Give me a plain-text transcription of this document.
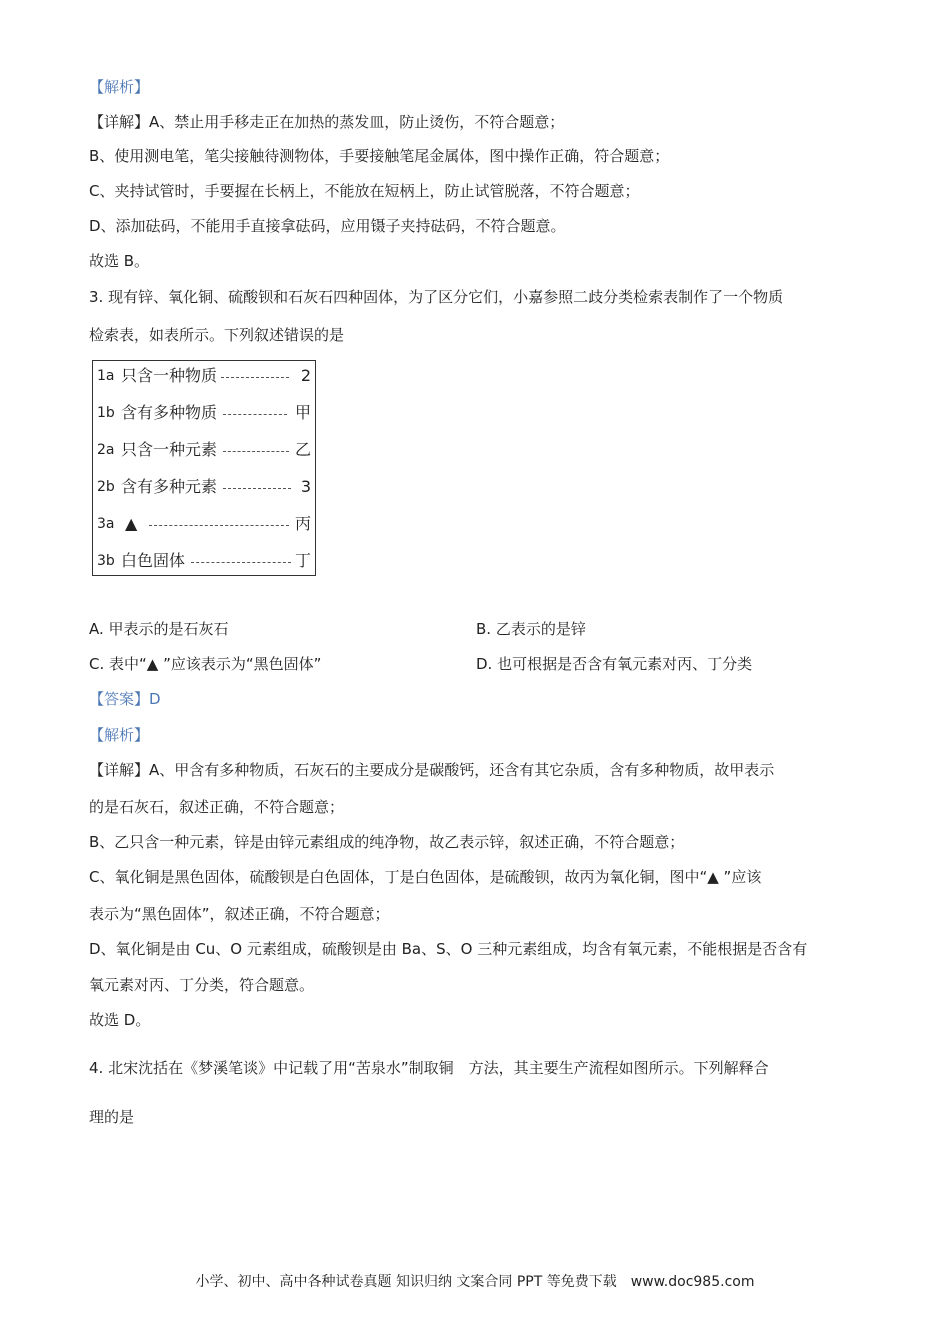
【解析】
【详解】A、禁止用手移走正在加热的蒸发皿，防止烫伤，不符合题意；
B、使用测电笔，笔尖接触待测物体，手要接触笔尾金属体，图中操作正确，符合题意；
C、夹持试管时，手要握在长柄上，不能放在短柄上，防止试管脱落，不符合题意；
D、添加砝码，不能用手直接拿砝码，应用镊子夹持砝码，不符合题意。
故选 B。
3. 现有锌、氧化铜、硫酸钡和石灰石四种固体，为了区分它们，小嘉参照二歧分类检索表制作了一个物质
检索表，如表所示。下列叙述错误的是
1a 只含一种物质	2
1b 含有多种物质	甲
2a 只含一种元素	乙
2b 含有多种元素	3
3a ▲	丙
3b 白色固体	丁
A. 甲表示的是石灰石	B. 乙表示的是锌
C. 表中“▲ ”应该表示为“黑色固体”	D. 也可根据是否含有氧元素对丙、丁分类
【答案】D
【解析】
【详解】A、甲含有多种物质，石灰石的主要成分是碳酸钙，还含有其它杂质，含有多种物质，故甲表示
的是石灰石，叙述正确，不符合题意；
B、乙只含一种元素，锌是由锌元素组成的纯净物，故乙表示锌，叙述正确，不符合题意；
C、氧化铜是黑色固体，硫酸钡是白色固体，丁是白色固体，是硫酸钡，故丙为氧化铜，图中“▲ ”应该
表示为“黑色固体”，叙述正确，不符合题意；
D、氧化铜是由 Cu、O 元素组成，硫酸钡是由 Ba、S、O 三种元素组成，均含有氧元素，不能根据是否含有
氧元素对丙、丁分类，符合题意。
故选 D。
4. 北宋沈括在《梦溪笔谈》中记载了用“苦泉水”制取铜　方法，其主要生产流程如图所示。下列解释合
理的是
小学、初中、高中各种试卷真题 知识归纳 文案合同 PPT 等免费下载　www.doc985.com
